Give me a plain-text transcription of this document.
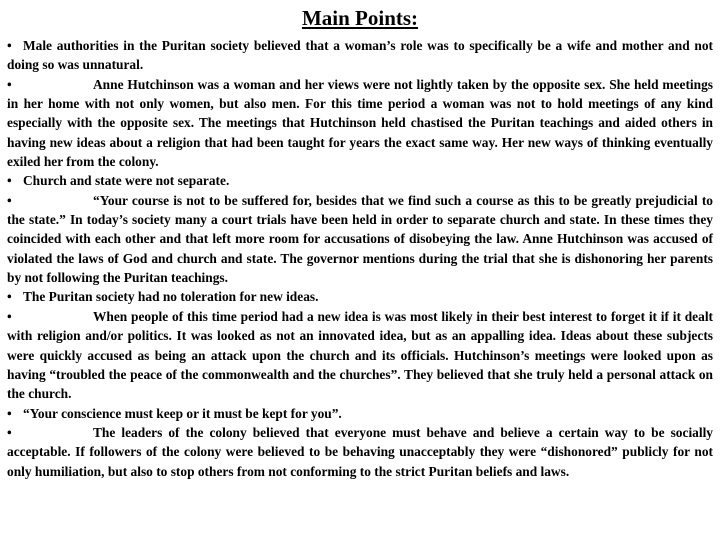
Main Points:

• Male authorities in the Puritan society believed that a woman’s role was to specifically be a wife and mother and not doing so was unnatural.

•	Anne Hutchinson was a woman and her views were not lightly taken by the opposite sex. She held meetings in her home with not only women, but also men. For this time period a woman was not to hold meetings of any kind especially with the opposite sex. The meetings that Hutchinson held chastised the Puritan teachings and aided others in having new ideas about a religion that had been taught for years the exact same way. Her new ways of thinking eventually exiled her from the colony.

• Church and state were not separate.

•	“Your course is not to be suffered for, besides that we find such a course as this to be greatly prejudicial to the state.” In today’s society many a court trials have been held in order to separate church and state. In these times they coincided with each other and that left more room for accusations of disobeying the law. Anne Hutchinson was accused of violated the laws of God and church and state. The governor mentions during the trial that she is dishonoring her parents by not following the Puritan teachings.

• The Puritan society had no toleration for new ideas.

•	When people of this time period had a new idea is was most likely in their best interest to forget it if it dealt with religion and/or politics. It was looked as not an innovated idea, but as an appalling idea. Ideas about these subjects were quickly accused as being an attack upon the church and its officials. Hutchinson’s meetings were looked upon as having “troubled the peace of the commonwealth and the churches”. They believed that she truly held a personal attack on the church.

• “Your conscience must keep or it must be kept for you”.

•	The leaders of the colony believed that everyone must behave and believe a certain way to be socially acceptable. If followers of the colony were believed to be behaving unacceptably they were “dishonored” publicly for not only humiliation, but also to stop others from not conforming to the strict Puritan beliefs and laws.
